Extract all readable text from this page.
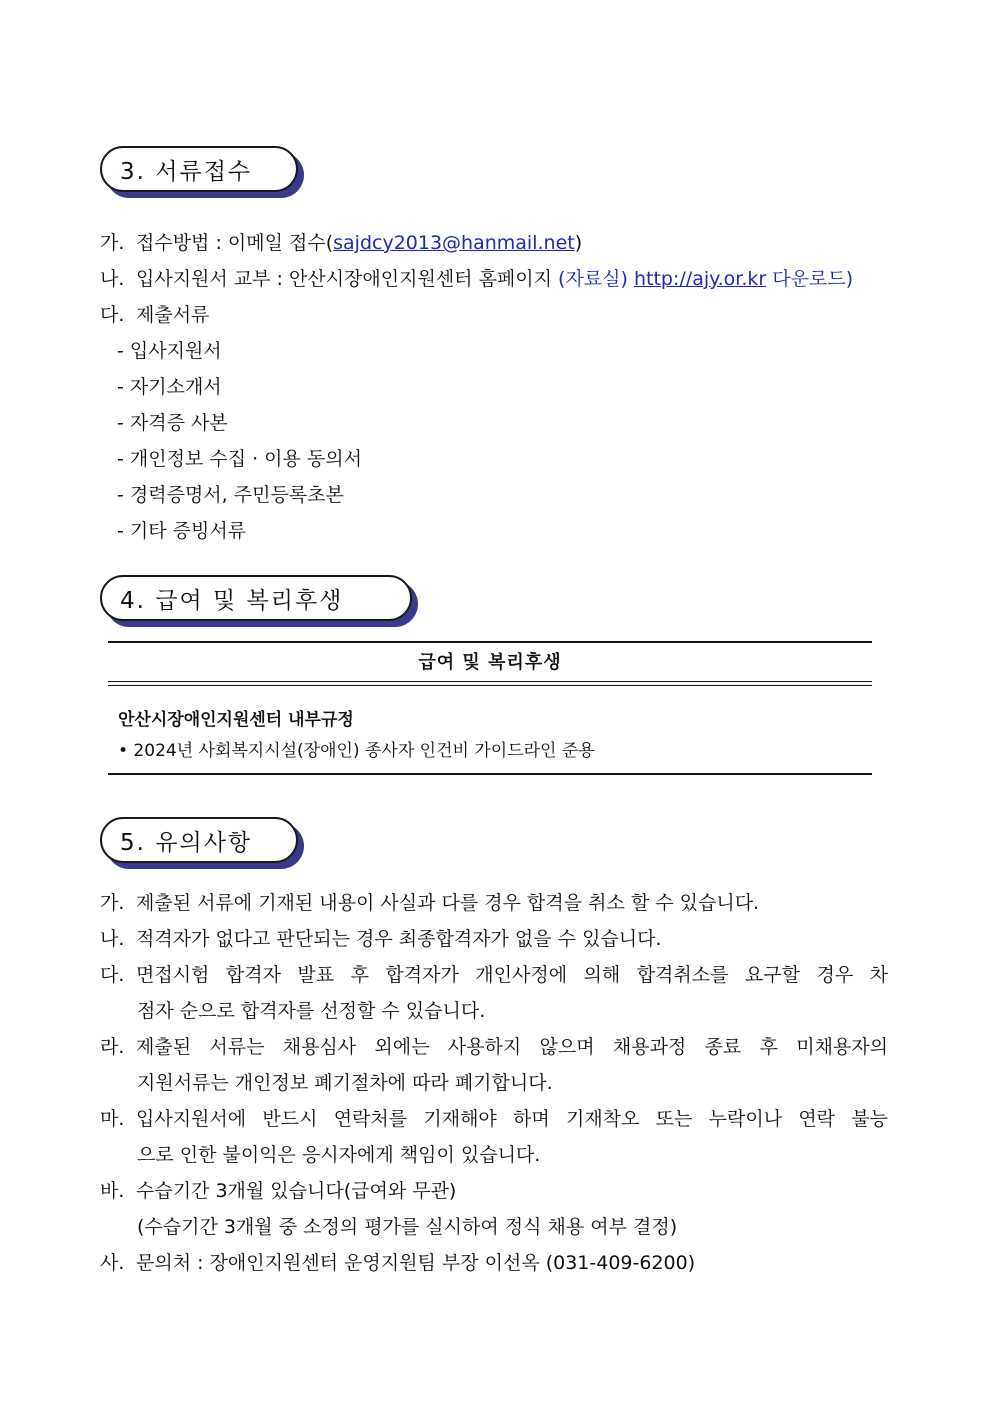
3. 서류접수
가. 접수방법 : 이메일 접수(sajdcy2013@hanmail.net)
나. 입사지원서 교부 : 안산시장애인지원센터 홈페이지 (자료실) http://ajy.or.kr 다운로드)
다. 제출서류
- 입사지원서
- 자기소개서
- 자격증 사본
- 개인정보 수집 · 이용 동의서
- 경력증명서, 주민등록초본
- 기타 증빙서류
4. 급여 및 복리후생
급여 및 복리후생
안산시장애인지원센터 내부규정
• 2024년 사회복지시설(장애인) 종사자 인건비 가이드라인 준용
5. 유의사항
가. 제출된 서류에 기재된 내용이 사실과 다를 경우 합격을 취소 할 수 있습니다.
나. 적격자가 없다고 판단되는 경우 최종합격자가 없을 수 있습니다.
다. 면접시험 합격자 발표 후 합격자가 개인사정에 의해 합격취소를 요구할 경우 차
점자 순으로 합격자를 선정할 수 있습니다.
라. 제출된 서류는 채용심사 외에는 사용하지 않으며 채용과정 종료 후 미채용자의
지원서류는 개인정보 폐기절차에 따라 폐기합니다.
마. 입사지원서에 반드시 연락처를 기재해야 하며 기재착오 또는 누락이나 연락 불능
으로 인한 불이익은 응시자에게 책임이 있습니다.
바. 수습기간 3개월 있습니다(급여와 무관)
(수습기간 3개월 중 소정의 평가를 실시하여 정식 채용 여부 결정)
사. 문의처 : 장애인지원센터 운영지원팀 부장 이선옥 (031-409-6200)
